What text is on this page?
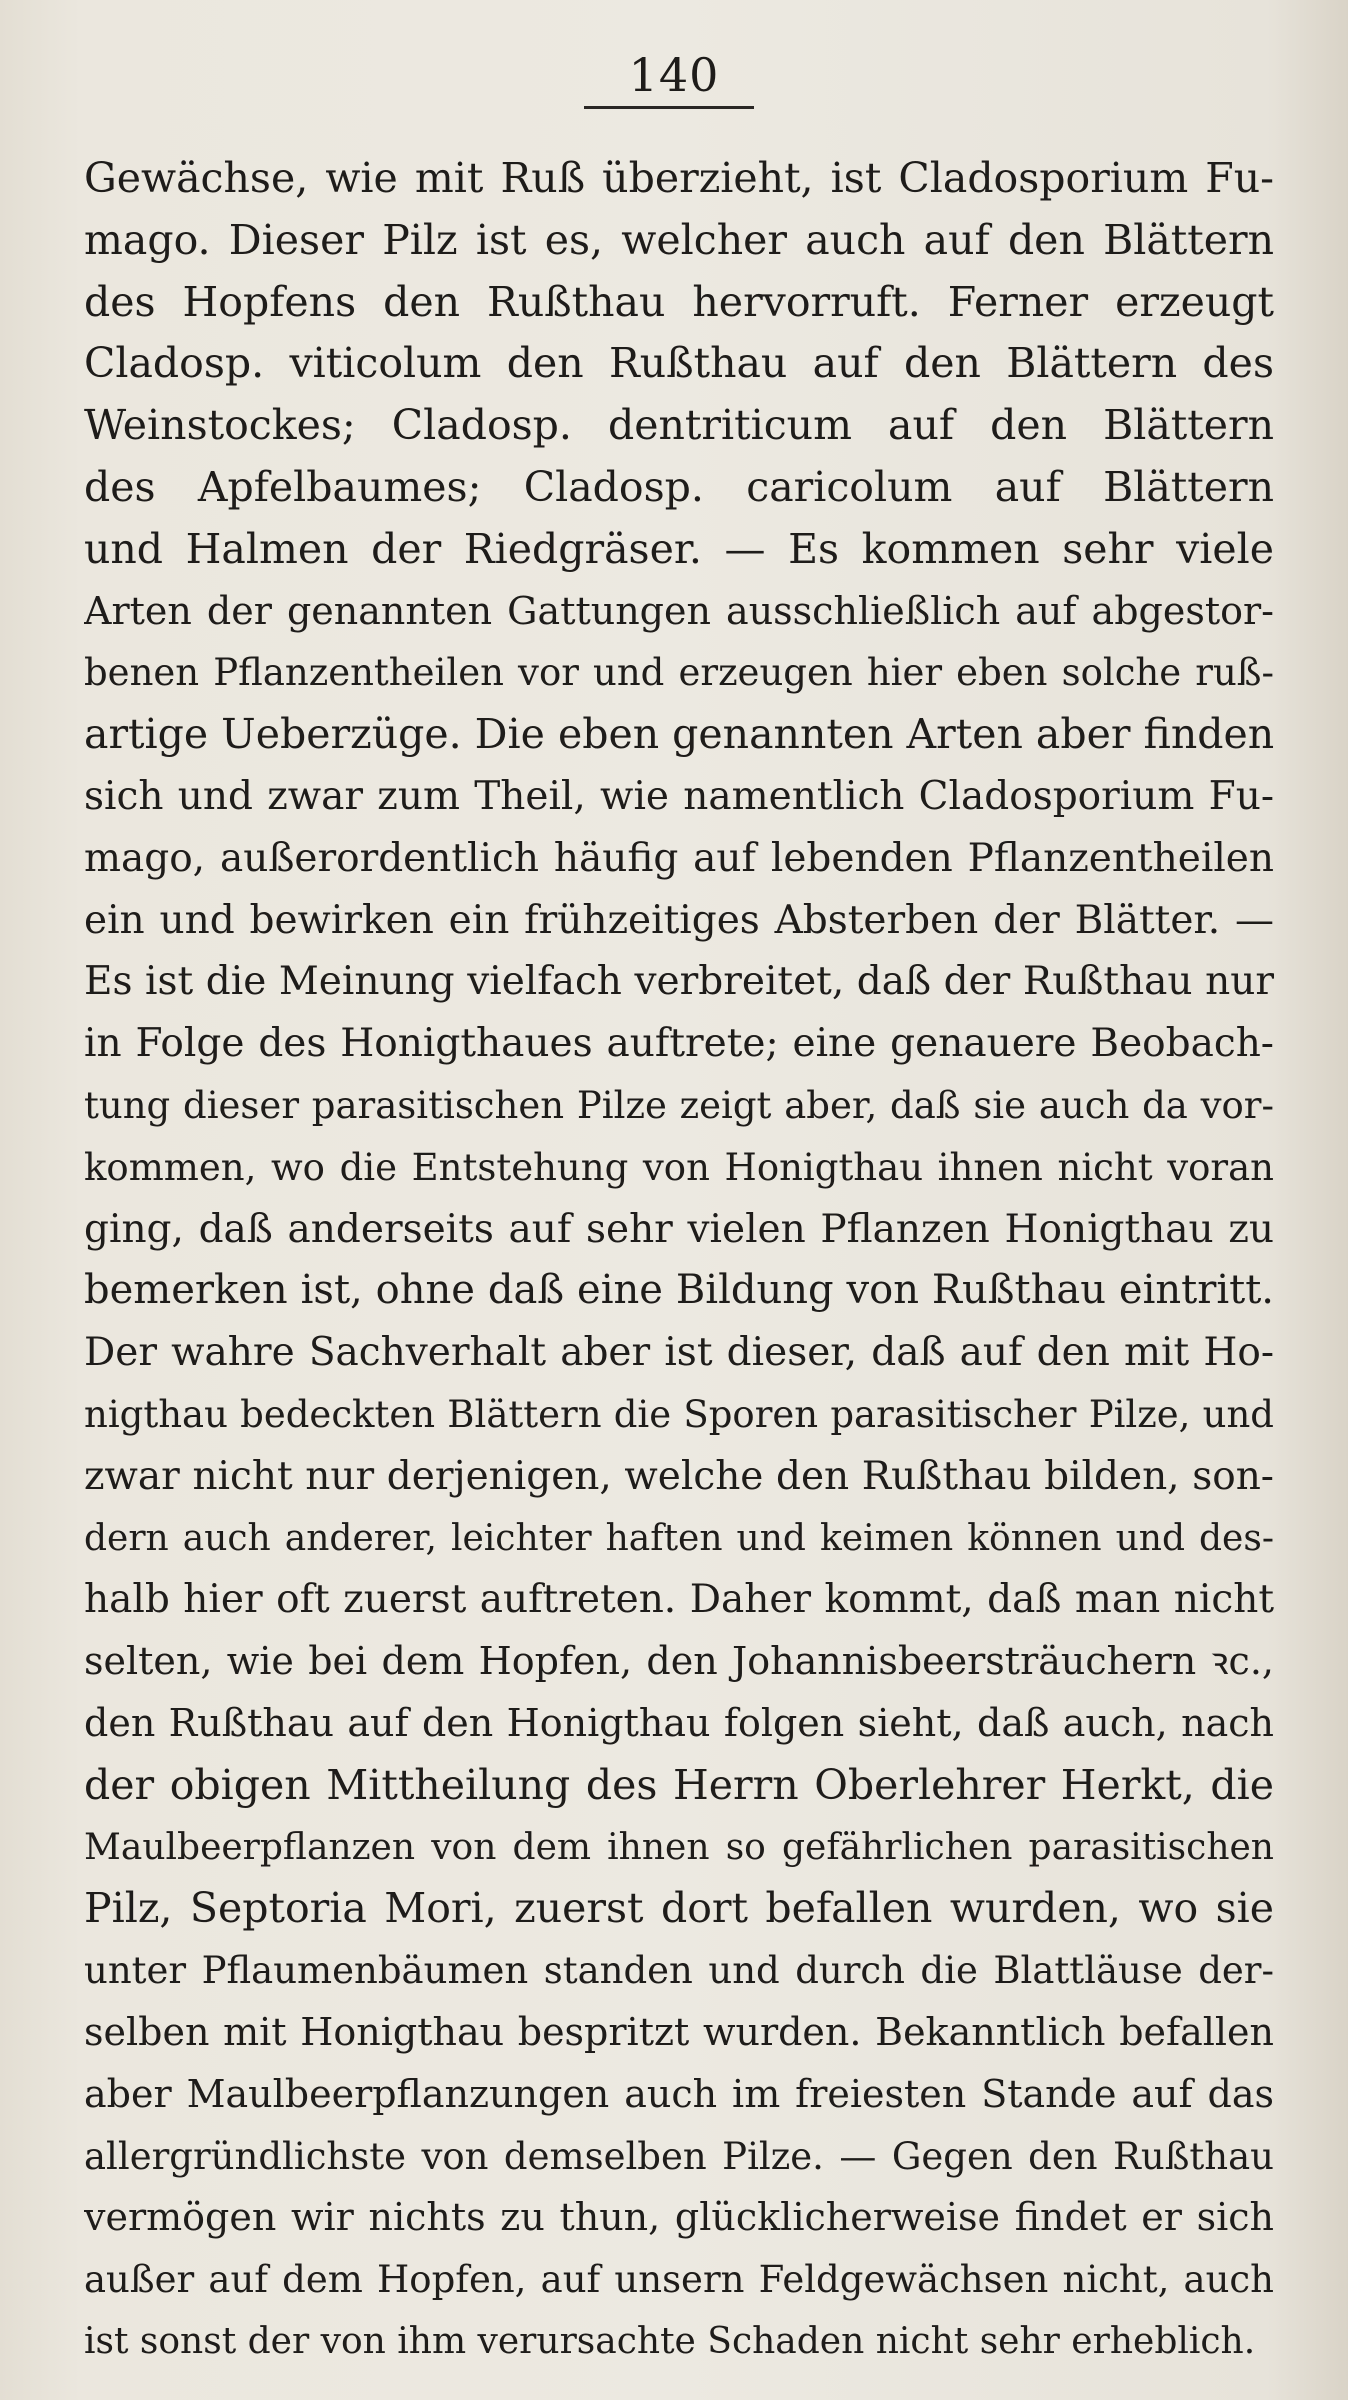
140
Gewächse, wie mit Ruß überzieht, ist Cladosporium Fu-
mago. Dieser Pilz ist es, welcher auch auf den Blättern
des Hopfens den Rußthau hervorruft. Ferner erzeugt
Cladosp. viticolum den Rußthau auf den Blättern des
Weinstockes; Cladosp. dentriticum auf den Blättern
des Apfelbaumes; Cladosp. caricolum auf Blättern
und Halmen der Riedgräser. — Es kommen sehr viele
Arten der genannten Gattungen ausschließlich auf abgestor-
benen Pflanzentheilen vor und erzeugen hier eben solche ruß-
artige Ueberzüge. Die eben genannten Arten aber finden
sich und zwar zum Theil, wie namentlich Cladosporium Fu-
mago, außerordentlich häufig auf lebenden Pflanzentheilen
ein und bewirken ein frühzeitiges Absterben der Blätter. —
Es ist die Meinung vielfach verbreitet, daß der Rußthau nur
in Folge des Honigthaues auftrete; eine genauere Beobach-
tung dieser parasitischen Pilze zeigt aber, daß sie auch da vor-
kommen, wo die Entstehung von Honigthau ihnen nicht voran
ging, daß anderseits auf sehr vielen Pflanzen Honigthau zu
bemerken ist, ohne daß eine Bildung von Rußthau eintritt.
Der wahre Sachverhalt aber ist dieser, daß auf den mit Ho-
nigthau bedeckten Blättern die Sporen parasitischer Pilze, und
zwar nicht nur derjenigen, welche den Rußthau bilden, son-
dern auch anderer, leichter haften und keimen können und des-
halb hier oft zuerst auftreten. Daher kommt, daß man nicht
selten, wie bei dem Hopfen, den Johannisbeersträuchern ꝛc.,
den Rußthau auf den Honigthau folgen sieht, daß auch, nach
der obigen Mittheilung des Herrn Oberlehrer Herkt, die
Maulbeerpflanzen von dem ihnen so gefährlichen parasitischen
Pilz, Septoria Mori, zuerst dort befallen wurden, wo sie
unter Pflaumenbäumen standen und durch die Blattläuse der-
selben mit Honigthau bespritzt wurden. Bekanntlich befallen
aber Maulbeerpflanzungen auch im freiesten Stande auf das
allergründlichste von demselben Pilze. — Gegen den Rußthau
vermögen wir nichts zu thun, glücklicherweise findet er sich
außer auf dem Hopfen, auf unsern Feldgewächsen nicht, auch
ist sonst der von ihm verursachte Schaden nicht sehr erheblich.
